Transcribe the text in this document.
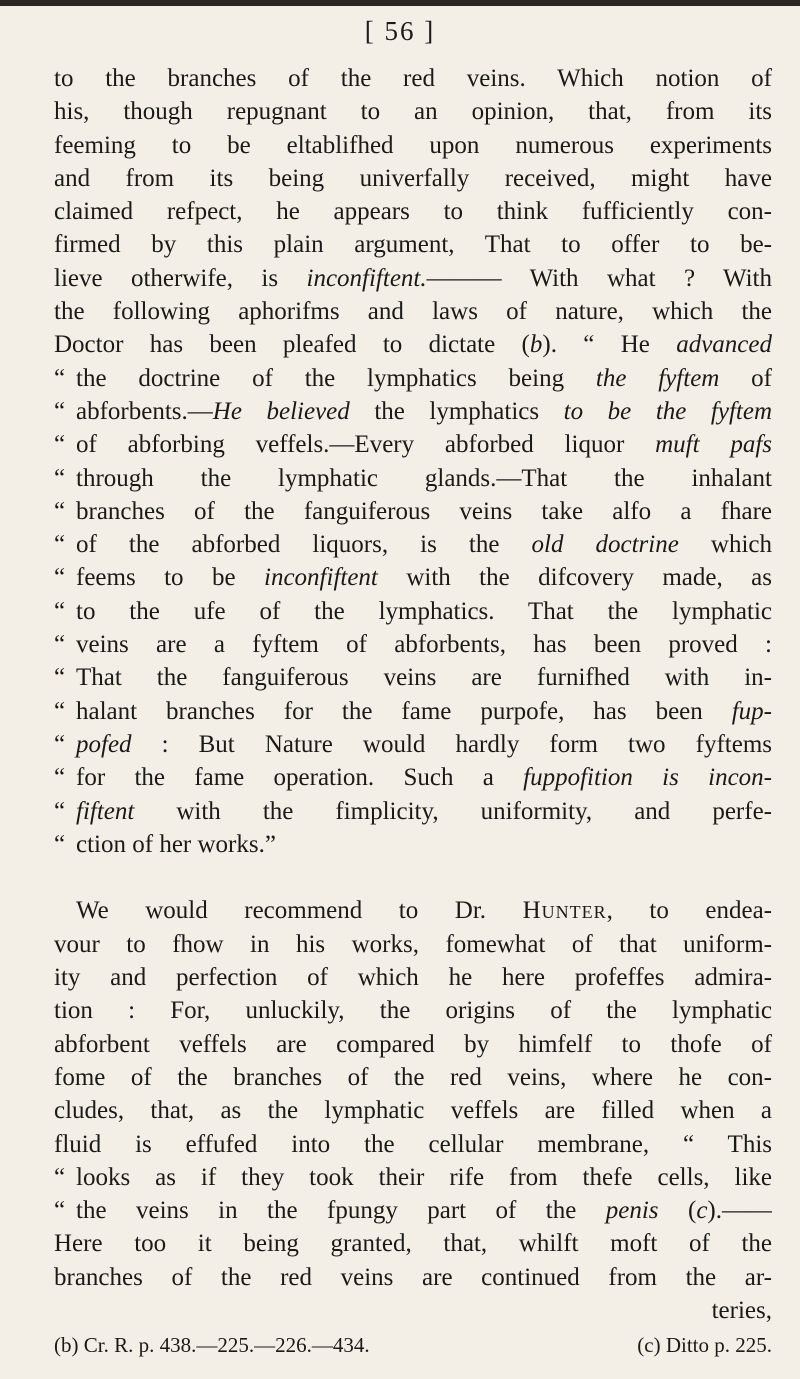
[ 56 ]
to the branches of the red veins. Which notion of
his, though repugnant to an opinion, that, from its
feeming to be eltablifhed upon numerous experiments
and from its being univerfally received, might have
claimed refpect, he appears to think fufficiently con-
firmed by this plain argument, That to offer to be-
lieve otherwife, is inconfiftent.——— With what ? With
the following aphorifms and laws of nature, which the
Doctor has been pleafed to dictate (b). “ He advanced
“ the doctrine of the lymphatics being the fyftem of
“ abforbents.—He believed the lymphatics to be the fyftem
“ of abforbing veffels.—Every abforbed liquor muft pafs
“ through the lymphatic glands.—That the inhalant
“ branches of the fanguiferous veins take alfo a fhare
“ of the abforbed liquors, is the old doctrine which
“ feems to be inconfiftent with the difcovery made, as
“ to the ufe of the lymphatics. That the lymphatic
“ veins are a fyftem of abforbents, has been proved :
“ That the fanguiferous veins are furnifhed with in-
“ halant branches for the fame purpofe, has been fup-
“ pofed : But Nature would hardly form two fyftems
“ for the fame operation. Such a fuppofition is incon-
“ fiftent with the fimplicity, uniformity, and perfe-
“ ction of her works.”
We would recommend to Dr. Hunter, to endea-
vour to fhow in his works, fomewhat of that uniform-
ity and perfection of which he here profeffes admira-
tion : For, unluckily, the origins of the lymphatic
abforbent veffels are compared by himfelf to thofe of
fome of the branches of the red veins, where he con-
cludes, that, as the lymphatic veffels are filled when a
fluid is effufed into the cellular membrane, “ This
“ looks as if they took their rife from thefe cells, like
“ the veins in the fpungy part of the penis (c).——
Here too it being granted, that, whilft moft of the
branches of the red veins are continued from the ar-
teries,
(b) Cr. R. p. 438.—225.—226.—434.	(c) Ditto p. 225.
